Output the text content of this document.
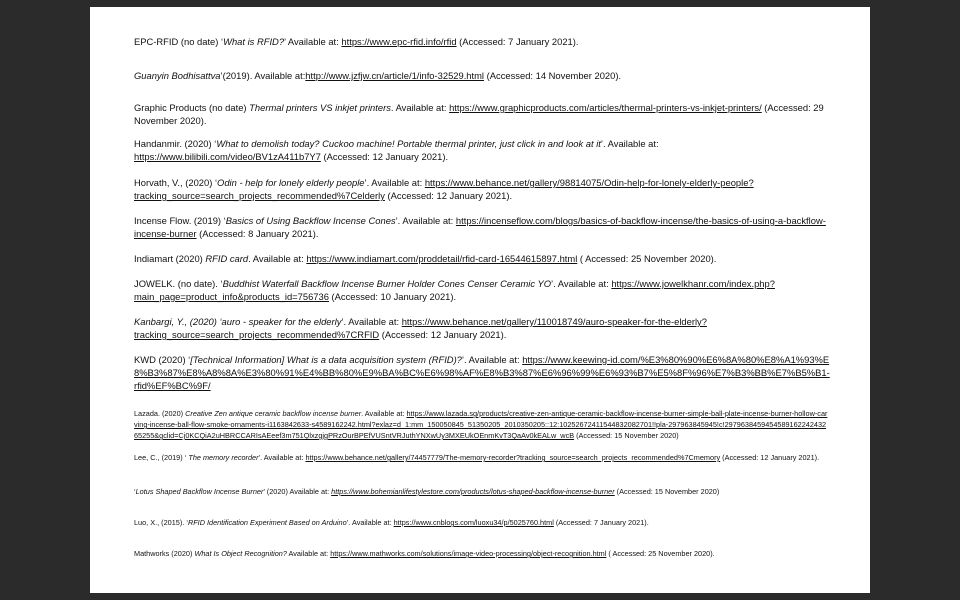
EPC-RFID (no date) ‘What is RFID?’ Available at: https://www.epc-rfid.info/rfid (Accessed: 7 January 2021).

Guanyin Bodhisattva’(2019). Available at:http://www.jzfjw.cn/article/1/info-32529.html (Accessed: 14 November 2020).

Graphic Products (no date) Thermal printers VS inkjet printers. Available at: https://www.graphicproducts.com/articles/thermal-printers-vs-inkjet-printers/ (Accessed: 29 November 2020).

Handanmir. (2020) ‘What to demolish today? Cuckoo machine! Portable thermal printer, just click in and look at it’. Available at: https://www.bilibili.com/video/BV1zA411b7Y7 (Accessed: 12 January 2021).

Horvath, V., (2020) ‘Odin - help for lonely elderly people’. Available at: https://www.behance.net/gallery/98814075/Odin-help-for-lonely-elderly-people?tracking_source=search_projects_recommended%7Celderly (Accessed: 12 January 2021).

Incense Flow. (2019) ‘Basics of Using Backflow Incense Cones’. Available at: https://incenseflow.com/blogs/basics-of-backflow-incense/the-basics-of-using-a-backflow-incense-burner (Accessed: 8 January 2021).

Indiamart (2020) RFID card. Available at: https://www.indiamart.com/proddetail/rfid-card-16544615897.html ( Accessed: 25 November 2020).

JOWELK. (no date). ‘Buddhist Waterfall Backflow Incense Burner Holder Cones Censer Ceramic YO’. Available at: https://www.jowelkhanr.com/index.php?main_page=product_info&products_id=756736 (Accessed: 10 January 2021).

Kanbargi, Y., (2020) ‘auro - speaker for the elderly’. Available at: https://www.behance.net/gallery/110018749/auro-speaker-for-the-elderly?tracking_source=search_projects_recommended%7CRFID (Accessed: 12 January 2021).

KWD (2020) ‘[Technical Information] What is a data acquisition system (RFID)?’. Available at: https://www.keewing-id.com/%E3%80%90%E6%8A%80%E8%A1%93%E8%B3%87%E8%A8%8A%E3%80%91%E4%BB%80%E9%BA%BC%E6%98%AF%E8%B3%87%E6%96%99%E6%93%B7%E5%8F%96%E7%B3%BB%E7%B5%B1-rfid%EF%BC%9F/

Lazada. (2020) Creative Zen antique ceramic backflow incense burner. Available at: https://www.lazada.sg/products/creative-zen-antique-ceramic-backflow-incense-burner-simple-ball-plate-incense-burner-hollow-carving-incense-ball-flow-smoke-ornaments-i1163842633-s4589162242.html?exlaz=d_1:mm_150050845_51350205_2010350205::12:10252672411544832082701!!pla-297963845945!c!297963845945458916224243265255&gclid=Cj0KCQiA2uHBRCCARIsAEeef3m751QlxzgjgPRzOurBPEfVUSntVRJuthYNXwUy3MXEUkOEnmKvT3QaAv0kEALw_wcB (Accessed: 15 November 2020)

Lee, C., (2019) ‘ The memory recorder’. Available at: https://www.behance.net/gallery/74457779/The-memory-recorder?tracking_source=search_projects_recommended%7Cmemory (Accessed: 12 January 2021).

‘Lotus Shaped Backflow Incense Burner’ (2020) Available at: https://www.bohemianlifestylestore.com/products/lotus-shaped-backflow-incense-burner (Accessed: 15 November 2020)

Luo, X., (2015). ‘RFID Identification Experiment Based on Arduino’. Available at: https://www.cnblogs.com/luoxu34/p/5025760.html (Accessed: 7 January 2021).

Mathworks (2020) What Is Object Recognition? Available at: https://www.mathworks.com/solutions/image-video-processing/object-recognition.html ( Accessed: 25 November 2020).
